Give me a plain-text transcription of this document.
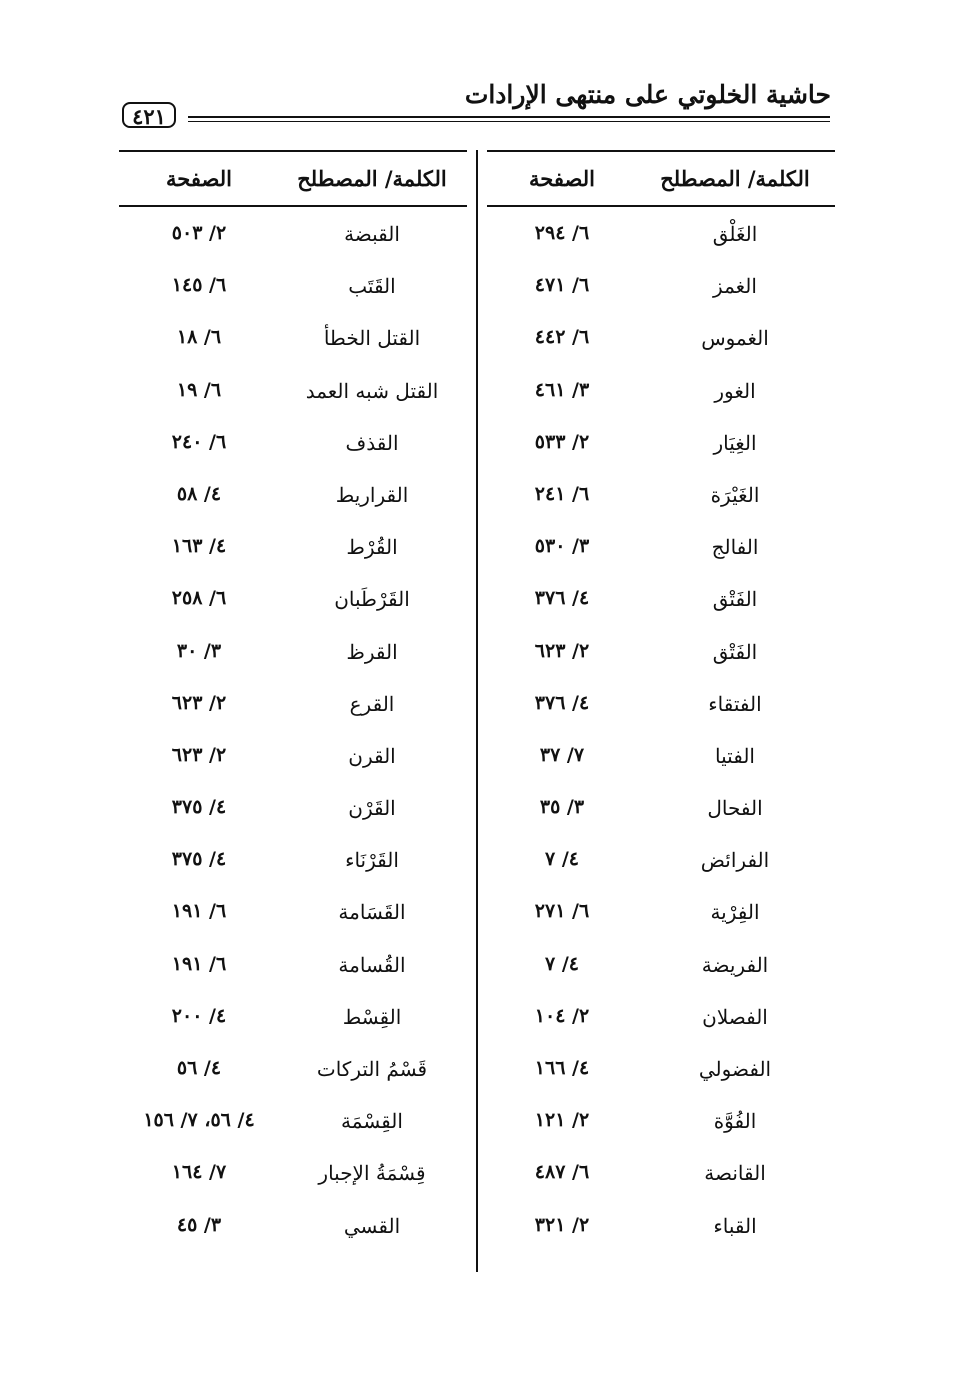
حاشية الخلوتي على منتهى الإرادات
٤٢١
الكلمة/ المصطلح
الصفحة
الغَلْق
٦/ ٢٩٤
الغمز
٦/ ٤٧١
الغموس
٦/ ٤٤٢
الغور
٣/ ٤٦١
الغِيَار
٢/ ٥٣٣
الغَيْرَة
٦/ ٢٤١
الفالج
٣/ ٥٣٠
الفَتْق
٤/ ٣٧٦
الفَتْق
٢/ ٦٢٣
الفتقاء
٤/ ٣٧٦
الفتيا
٧/ ٣٧
الفحال
٣/ ٣٥
الفرائض
٤/ ٧
الفِرْية
٦/ ٢٧١
الفريضة
٤/ ٧
الفصلان
٢/ ١٠٤
الفضولي
٤/ ١٦٦
الفُوَّة
٢/ ١٢١
القانصة
٦/ ٤٨٧
القباء
٢/ ٣٢١
الكلمة/ المصطلح
الصفحة
القبضة
٢/ ٥٠٣
القَتَب
٦/ ١٤٥
القتل الخطأ
٦/ ١٨
القتل شبه العمد
٦/ ١٩
القذف
٦/ ٢٤٠
القراريط
٤/ ٥٨
القُرْط
٤/ ١٦٣
القَرْطَبان
٦/ ٢٥٨
القرظ
٣/ ٣٠
القرع
٢/ ٦٢٣
القرن
٢/ ٦٢٣
القَرْن
٤/ ٣٧٥
القَرْنَاء
٤/ ٣٧٥
القَسَامة
٦/ ١٩١
القُسامة
٦/ ١٩١
القِسْط
٤/ ٢٠٠
قَسْمُ التركات
٤/ ٥٦
القِسْمَة
٤/ ٥٦، ٧/ ١٥٦
قِسْمَةُ الإجبار
٧/ ١٦٤
القسي
٣/ ٤٥
